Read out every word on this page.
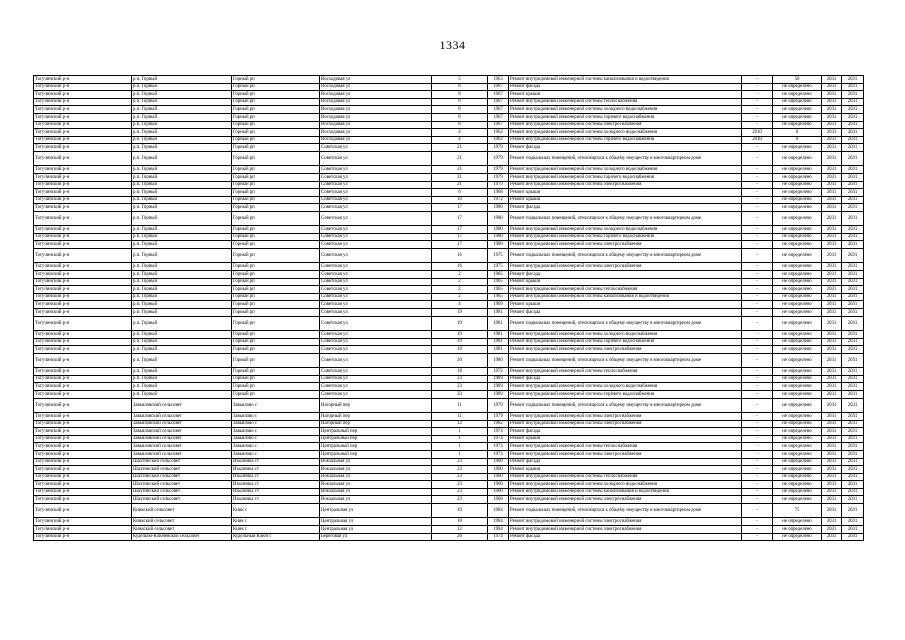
1334
Тогучинский р-н	р.п. Горный	Горный рп	Восходовая ул	5	1963	Ремонт внутридомовой инженерной системы канализования и водоотведения	-	50	2031	2031
Тогучинский р-н	р.п. Горный	Горный рп	Восходовая ул	8	1967	Ремонт фасада	-	не определено	2031	2031
Тогучинский р-н	р.п. Горный	Горный рп	Восходовая ул	8	1967	Ремонт крыши	-	не определено	2031	2031
Тогучинский р-н	р.п. Горный	Горный рп	Восходовая ул	8	1967	Ремонт внутридомовой инженерной системы теплоснабжения	-	не определено	2031	2031
Тогучинский р-н	р.п. Горный	Горный рп	Восходовая ул	8	1967	Ремонт внутридомовой инженерной системы холодного водоснабжения	-	не определено	2031	2031
Тогучинский р-н	р.п. Горный	Горный рп	Восходовая ул	8	1967	Ремонт внутридомовой инженерной системы горячего водоснабжения	-	не определено	2031	2031
Тогучинский р-н	р.п. Горный	Горный рп	Восходовая ул	8	1967	Ремонт внутридомовой инженерной системы электроснабжения	-	не определено	2031	2031
Тогучинский р-н	р.п. Горный	Горный рп	Восходовая ул	4	1962	Ремонт внутридомовой инженерной системы холодного водоснабжения	2010	0	2031	2031
Тогучинский р-н	р.п. Горный	Горный рп	Восходовая ул	4	1962	Ремонт внутридомовой инженерной системы горячего водоснабжения	2010	0	2031	2031
Тогучинский р-н	р.п. Горный	Горный рп	Советская ул	21	1979	Ремонт фасада	-	не определено	2031	2031
Тогучинский р-н	р.п. Горный	Горный рп	Советская ул	21	1979	Ремонт подвальных помещений, относящихся к общему имуществу в многоквартирном доме	-	не определено	2031	2031
Тогучинский р-н	р.п. Горный	Горный рп	Советская ул	21	1979	Ремонт внутридомовой инженерной системы холодного водоснабжения	-	не определено	2031	2031
Тогучинский р-н	р.п. Горный	Горный рп	Советская ул	21	1979	Ремонт внутридомовой инженерной системы горячего водоснабжения	-	не определено	2031	2031
Тогучинский р-н	р.п. Горный	Горный рп	Советская ул	21	1979	Ремонт внутридомовой инженерной системы электроснабжения	-	не определено	2031	2031
Тогучинский р-н	р.п. Горный	Горный рп	Советская ул	6	1968	Ремонт крыши	-	не определено	2031	2031
Тогучинский р-н	р.п. Горный	Горный рп	Советская ул	10	1972	Ремонт крыши	-	не определено	2031	2031
Тогучинский р-н	р.п. Горный	Горный рп	Советская ул	17	1980	Ремонт фасада	-	не определено	2031	2031
Тогучинский р-н	р.п. Горный	Горный рп	Советская ул	17	1980	Ремонт подвальных помещений, относящихся к общему имуществу в многоквартирном доме	-	не определено	2031	2031
Тогучинский р-н	р.п. Горный	Горный рп	Советская ул	17	1980	Ремонт внутридомовой инженерной системы холодного водоснабжения	-	не определено	2031	2031
Тогучинский р-н	р.п. Горный	Горный рп	Советская ул	17	1980	Ремонт внутридомовой инженерной системы горячего водоснабжения	-	не определено	2031	2031
Тогучинский р-н	р.п. Горный	Горный рп	Советская ул	17	1980	Ремонт внутридомовой инженерной системы электроснабжения	-	не определено	2031	2031
Тогучинский р-н	р.п. Горный	Горный рп	Советская ул	16	1975	Ремонт подвальных помещений, относящихся к общему имуществу в многоквартирном доме	-	не определено	2031	2031
Тогучинский р-н	р.п. Горный	Горный рп	Советская ул	16	1975	Ремонт внутридомовой инженерной системы электроснабжения	-	не определено	2031	2031
Тогучинский р-н	р.п. Горный	Горный рп	Советская ул	2	1965	Ремонт фасада	-	не определено	2031	2031
Тогучинский р-н	р.п. Горный	Горный рп	Советская ул	2	1965	Ремонт крыши	-	не определено	2031	2031
Тогучинский р-н	р.п. Горный	Горный рп	Советская ул	2	1965	Ремонт внутридомовой инженерной системы теплоснабжения	-	не определено	2031	2031
Тогучинский р-н	р.п. Горный	Горный рп	Советская ул	2	1965	Ремонт внутридомовой инженерной системы канализования и водоотведения	-	не определено	2031	2031
Тогучинский р-н	р.п. Горный	Горный рп	Советская ул	4	1969	Ремонт крыши	-	не определено	2031	2031
Тогучинский р-н	р.п. Горный	Горный рп	Советская ул	19	1981	Ремонт фасада	-	не определено	2031	2031
Тогучинский р-н	р.п. Горный	Горный рп	Советская ул	19	1981	Ремонт подвальных помещений, относящихся к общему имуществу в многоквартирном доме	-	не определено	2031	2031
Тогучинский р-н	р.п. Горный	Горный рп	Советская ул	19	1981	Ремонт внутридомовой инженерной системы холодного водоснабжения	-	не определено	2031	2031
Тогучинский р-н	р.п. Горный	Горный рп	Советская ул	19	1981	Ремонт внутридомовой инженерной системы горячего водоснабжения	-	не определено	2031	2031
Тогучинский р-н	р.п. Горный	Горный рп	Советская ул	19	1981	Ремонт внутридомовой инженерной системы электроснабжения	-	не определено	2031	2031
Тогучинский р-н	р.п. Горный	Горный рп	Советская ул	20	1980	Ремонт подвальных помещений, относящихся к общему имуществу в многоквартирном доме	-	не определено	2031	2031
Тогучинский р-н	р.п. Горный	Горный рп	Советская ул	18	1972	Ремонт внутридомовой инженерной системы теплоснабжения	-	не определено	2031	2031
Тогучинский р-н	р.п. Горный	Горный рп	Советская ул	23	1989	Ремонт фасада	-	не определено	2031	2031
Тогучинский р-н	р.п. Горный	Горный рп	Советская ул	23	1989	Ремонт внутридомовой инженерной системы холодного водоснабжения	-	не определено	2031	2031
Тогучинский р-н	р.п. Горный	Горный рп	Советская ул	23	1989	Ремонт внутридомовой инженерной системы горячего водоснабжения	-	не определено	2031	2031
Тогучинский р-н	Завьяловский сельсовет	Завьялово с	Нагорный пер	11	1979	Ремонт подвальных помещений, относящихся к общему имуществу в многоквартирном доме	-	не определено	2031	2031
Тогучинский р-н	Завьяловский сельсовет	Завьялово с	Нагорный пер	11	1979	Ремонт внутридомовой инженерной системы электроснабжения	-	не определено	2031	2031
Тогучинский р-н	Завьяловский сельсовет	Завьялово с	Нагорный пер	12	1982	Ремонт внутридомовой инженерной системы электроснабжения	-	не определено	2031	2031
Тогучинский р-н	Завьяловский сельсовет	Завьялово с	Центральный пер	1	1974	Ремонт фасада	-	не определено	2031	2031
Тогучинский р-н	Завьяловский сельсовет	Завьялово с	Центральный пер	1	1974	Ремонт крыши	-	не определено	2031	2031
Тогучинский р-н	Завьяловский сельсовет	Завьялово с	Центральный пер	1	1974	Ремонт внутридомовой инженерной системы теплоснабжения	-	не определено	2031	2031
Тогучинский р-н	Завьяловский сельсовет	Завьялово с	Центральный пер	1	1974	Ремонт внутридомовой инженерной системы электроснабжения	-	не определено	2031	2031
Тогучинский р-н	Шахтинский сельсовет	Изылинка ст	Вокзальная ул	23	1960	Ремонт фасада	-	не определено	2031	2031
Тогучинский р-н	Шахтинский сельсовет	Изылинка ст	Вокзальная ул	23	1960	Ремонт крыши	-	не определено	2031	2031
Тогучинский р-н	Шахтинский сельсовет	Изылинка ст	Вокзальная ул	23	1960	Ремонт внутридомовой инженерной системы теплоснабжения	-	не определено	2031	2031
Тогучинский р-н	Шахтинский сельсовет	Изылинка ст	Вокзальная ул	23	1960	Ремонт внутридомовой инженерной системы холодного водоснабжения	-	не определено	2031	2031
Тогучинский р-н	Шахтинский сельсовет	Изылинка ст	Вокзальная ул	23	1960	Ремонт внутридомовой инженерной системы канализования и водоотведения	-	не определено	2031	2031
Тогучинский р-н	Шахтинский сельсовет	Изылинка ст	Вокзальная ул	23	1960	Ремонт внутридомовой инженерной системы электроснабжения	-	не определено	2031	2031
Тогучинский р-н	Киикский сельсовет	Киик с	Центральная ул	10	1984	Ремонт подвальных помещений, относящихся к общему имуществу в многоквартирном доме	-	75	2031	2031
Тогучинский р-н	Киикский сельсовет	Киик с	Центральная ул	10	1984	Ремонт внутридомовой инженерной системы электроснабжения	-	не определено	2031	2031
Тогучинский р-н	Киикский сельсовет	Киик с	Центральная ул	12	1984	Ремонт внутридомовой инженерной системы электроснабжения	-	не определено	2031	2031
Тогучинский р-н	Кудельно-Ключевской сельсовет	Кудельный Ключ с	Береговая ул	26	1974	Ремонт фасада	-	не определено	2031	2031
